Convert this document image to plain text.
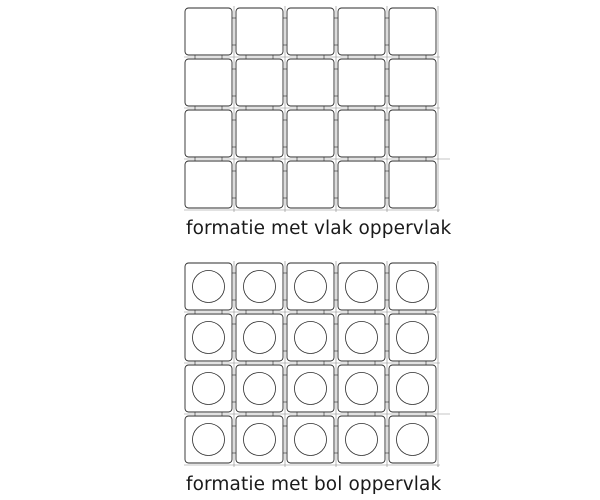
formatie met vlak oppervlak
formatie met bol oppervlak
